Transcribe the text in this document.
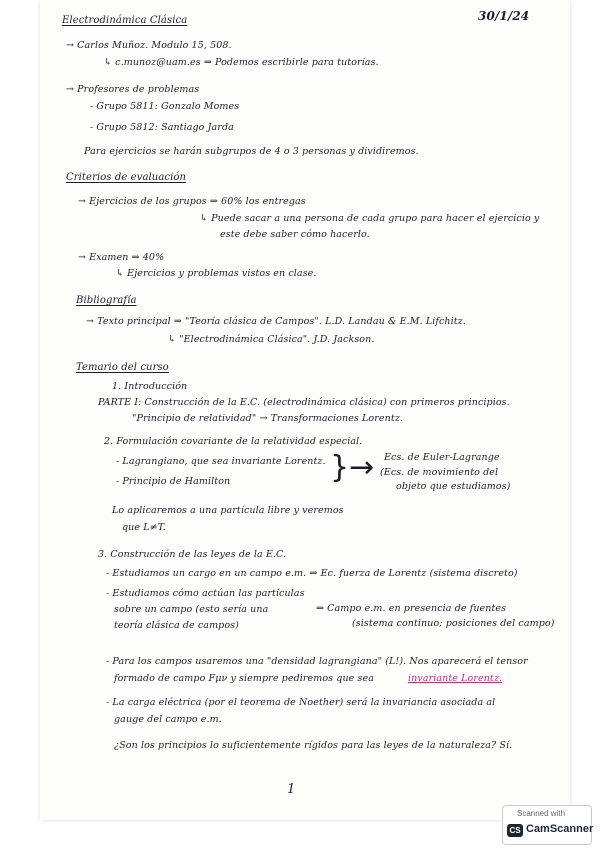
30/1/24
Electrodinámica Clásica
→ Carlos Muñoz. Modulo 15, 508.
↳ c.munoz@uam.es ⇒ Podemos escribirle para tutorías.
→ Profesores de problemas
- Grupo 5811: Gonzalo Momes
- Grupo 5812: Santiago Jarda
Para ejercicios se harán subgrupos de 4 o 3 personas y dividiremos.
Criterios de evaluación
→ Ejercicios de los grupos ⇒ 60% los entregas
↳ Puede sacar a una persona de cada grupo para hacer el ejercicio y
este debe saber cómo hacerlo.
→ Examen ⇒ 40%
↳ Ejercicios y problemas vistos en clase.
Bibliografía
→ Texto principal ⇒ "Teoría clásica de Campos". L.D. Landau & E.M. Lifchitz.
↳ "Electrodinámica Clásica". J.D. Jackson.
Temario del curso
1. Introducción
PARTE I: Construcción de la E.C. (electrodinámica clásica) con primeros principios.
"Principio de relatividad" → Transformaciones Lorentz.
2. Formulación covariante de la relatividad especial.
- Lagrangiano, que sea invariante Lorentz.
- Principio de Hamilton	}→ Ecs. de Euler-Lagrange
(Ecs. de movimiento del
objeto que estudiamos)
Lo aplicaremos a una partícula libre y veremos
que L≠T.
3. Construcción de las leyes de la E.C.
- Estudiamos un cargo en un campo e.m. ⇒ Ec. fuerza de Lorentz (sistema discreto)
- Estudiamos cómo actúan las partículas
sobre un campo (esto sería una
teoría clásica de campos)
⇒ Campo e.m. en presencia de fuentes
(sistema continuo; posiciones del campo)
- Para los campos usaremos una "densidad lagrangiana" (L!). Nos aparecerá el tensor
formado de campo Fμν y siempre pediremos que sea	invariante Lorentz.
- La carga eléctrica (por el teorema de Noether) será la invariancia asociada al
gauge del campo e.m.
¿Son los principios lo suficientemente rígidos para las leyes de la naturaleza? Sí.
1
Scanned with
CS CamScanner
